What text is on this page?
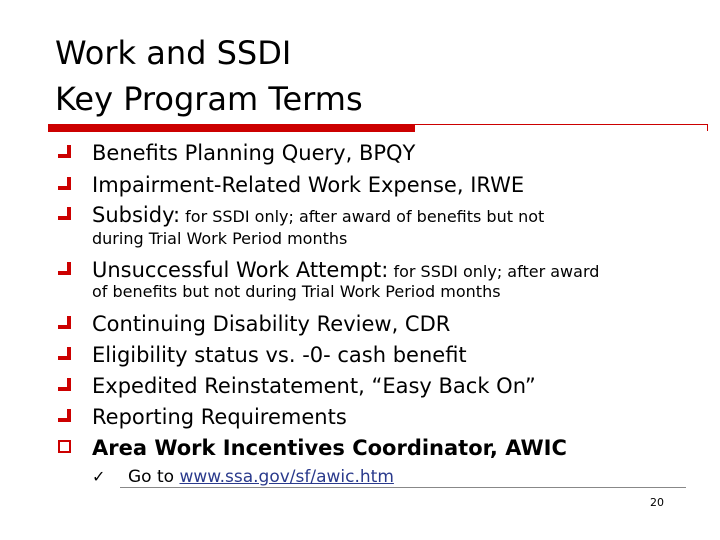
Work and SSDI
Key Program Terms
Benefits Planning Query, BPQY
Impairment-Related Work Expense, IRWE
Subsidy: for SSDI only; after award of benefits but not
during Trial Work Period months
Unsuccessful Work Attempt: for SSDI only; after award
of benefits but not during Trial Work Period months
Continuing Disability Review, CDR
Eligibility status vs. -0- cash benefit
Expedited Reinstatement, “Easy Back On”
Reporting Requirements
Area Work Incentives Coordinator, AWIC
✓ Go to www.ssa.gov/sf/awic.htm
20
